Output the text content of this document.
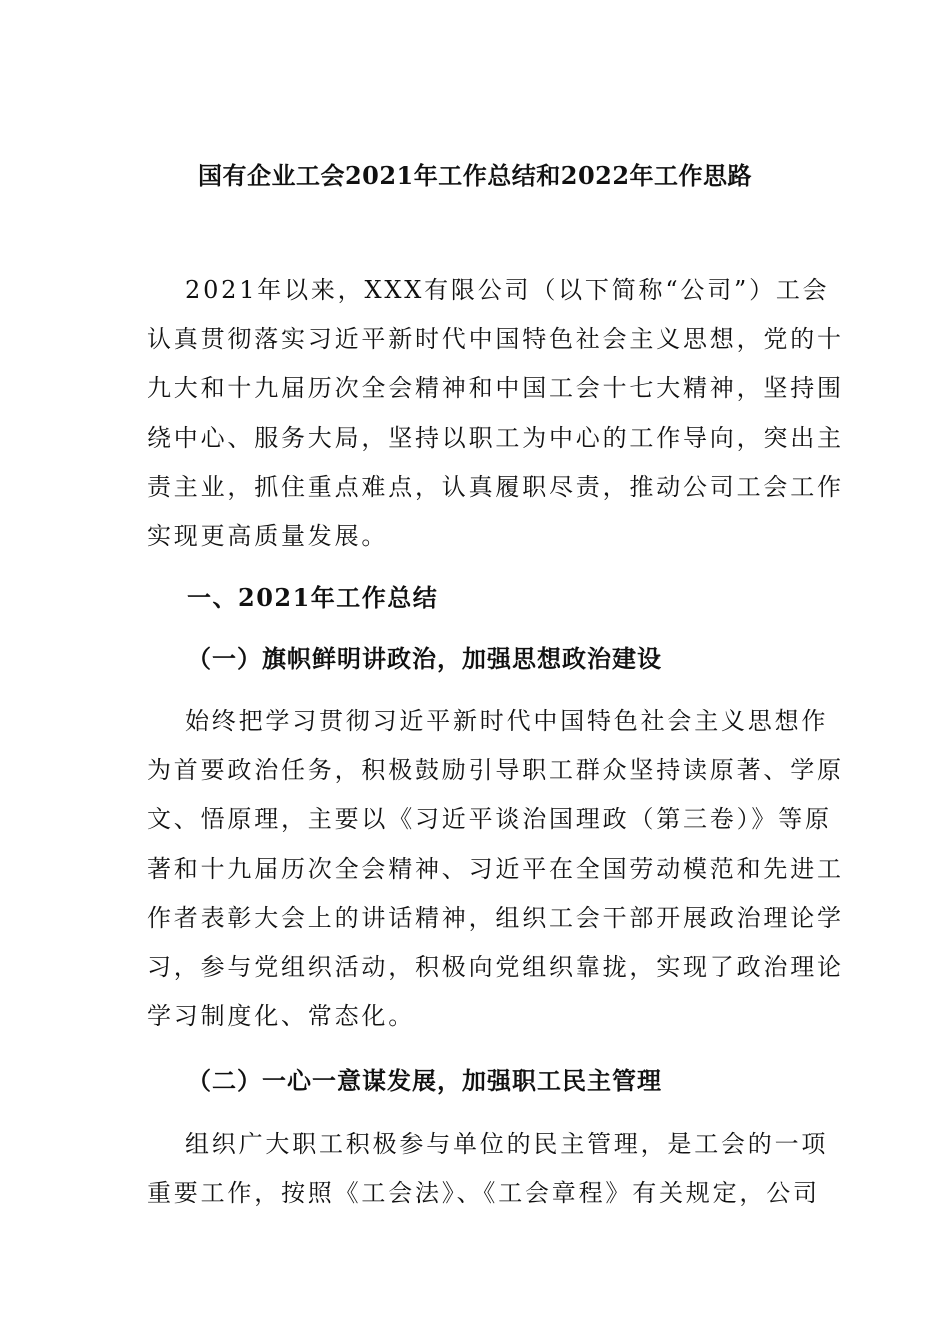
国有企业工会2021年工作总结和2022年工作思路
2021年以来，XXX有限公司（以下简称“公司”）工会
认真贯彻落实习近平新时代中国特色社会主义思想，党的十
九大和十九届历次全会精神和中国工会十七大精神，坚持围
绕中心、服务大局，坚持以职工为中心的工作导向，突出主
责主业，抓住重点难点，认真履职尽责，推动公司工会工作
实现更高质量发展。
一、2021年工作总结
（一）旗帜鲜明讲政治，加强思想政治建设
始终把学习贯彻习近平新时代中国特色社会主义思想作
为首要政治任务，积极鼓励引导职工群众坚持读原著、学原
文、悟原理，主要以《习近平谈治国理政（第三卷）》等原
著和十九届历次全会精神、习近平在全国劳动模范和先进工
作者表彰大会上的讲话精神，组织工会干部开展政治理论学
习，参与党组织活动，积极向党组织靠拢，实现了政治理论
学习制度化、常态化。
（二）一心一意谋发展，加强职工民主管理
组织广大职工积极参与单位的民主管理，是工会的一项
重要工作，按照《工会法》、《工会章程》有关规定，公司
